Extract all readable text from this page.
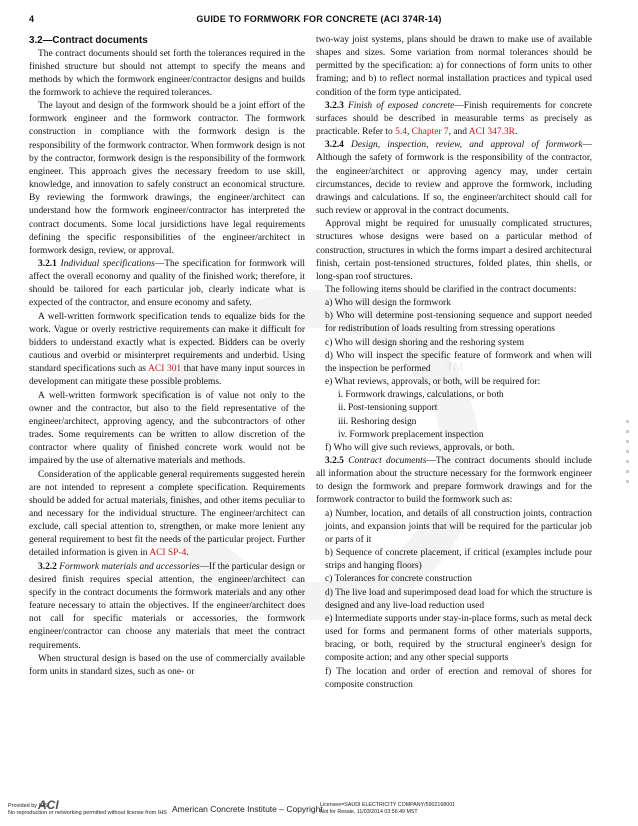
TM
4	GUIDE TO FORMWORK FOR CONCRETE (ACI 374R-14)
3.2—Contract documents

The contract documents should set forth the tolerances required in the finished structure but should not attempt to specify the means and methods by which the formwork engineer/contractor designs and builds the formwork to achieve the required tolerances.

The layout and design of the formwork should be a joint effort of the formwork engineer and the formwork contractor. The formwork construction in compliance with the formwork design is the responsibility of the formwork contractor. When formwork design is not by the contractor, formwork design is the responsibility of the formwork engineer. This approach gives the necessary freedom to use skill, knowledge, and innovation to safely construct an economical structure. By reviewing the formwork drawings, the engineer/architect can understand how the formwork engineer/contractor has interpreted the contract documents. Some local jursidictions have legal requirements defining the specific responsibilities of the engineer/architect in formwork design, review, or approval.

3.2.1 Individual specifications—The specification for formwork will affect the overall economy and quality of the finished work; therefore, it should be tailored for each particular job, clearly indicate what is expected of the contractor, and ensure economy and safety.

A well-written formwork specification tends to equalize bids for the work. Vague or overly restrictive requirements can make it difficult for bidders to understand exactly what is expected. Bidders can be overly cautious and overbid or misinterpret requirements and underbid. Using standard specifications such as ACI 301 that have many input sources in development can mitigate these possible problems.

A well-written formwork specification is of value not only to the owner and the contractor, but also to the field representative of the engineer/architect, approving agency, and the subcontractors of other trades. Some requirements can be written to allow discretion of the contractor where quality of finished concrete work would not be impaired by the use of alternative materials and methods.

Consideration of the applicable general requirements suggested herein are not intended to represent a complete specification. Requirements should be added for actual materials, finishes, and other items peculiar to and necessary for the individual structure. The engineer/architect can exclude, call special attention to, strengthen, or make more lenient any general requirement to best fit the needs of the particular project. Further detailed information is given in ACI SP-4.

3.2.2 Formwork materials and accessories—If the particular design or desired finish requires special attention, the engineer/architect can specify in the contract documents the formwork materials and any other feature necessary to attain the objectives. If the engineer/architect does not call for specific materials or accessories, the formwork engineer/contractor can choose any materials that meet the contract requirements.

When structural design is based on the use of commercially available form units in standard sizes, such as one- or

two-way joist systems, plans should be drawn to make use of available shapes and sizes. Some variation from normal tolerances should be permitted by the specification: a) for connections of form units to other framing; and b) to reflect normal installation practices and typical used condition of the form type anticipated.

3.2.3 Finish of exposed concrete—Finish requirements for concrete surfaces should be described in measurable terms as precisely as practicable. Refer to 5.4, Chapter 7, and ACI 347.3R.

3.2.4 Design, inspection, review, and approval of formwork—Although the safety of formwork is the responsibility of the contractor, the engineer/architect or approving agency may, under certain circumstances, decide to review and approve the formwork, including drawings and calculations. If so, the engineer/architect should call for such review or approval in the contract documents.

Approval might be required for unusually complicated structures, structures whose designs were based on a particular method of construction, structures in which the forms impart a desired architectural finish, certain post-tensioned structures, folded plates, thin shells, or long-span roof structures.

The following items should be clarified in the contract documents:

a) Who will design the formwork

b) Who will determine post-tensioning sequence and support needed for redistribution of loads resulting from stressing operations

c) Who will design shoring and the reshoring system

d) Who will inspect the specific feature of formwork and when will the inspection be performed

e) What reviews, approvals, or both, will be required for:

i. Formwork drawings, calculations, or both

ii. Post-tensioning support

iii. Reshoring design

iv. Formwork preplacement inspection

f) Who will give such reviews, approvals, or both.

3.2.5 Contract documents—The contract documents should include all information about the structure necessary for the formwork engineer to design the formwork and prepare formwork drawings and for the formwork contractor to build the formwork such as:

a) Number, location, and details of all construction joints, contraction joints, and expansion joints that will be required for the particular job or parts of it

b) Sequence of concrete placement, if critical (examples include pour strips and hanging floors)

c) Tolerances for concrete construction

d) The live load and superimposed dead load for which the structure is designed and any live-load reduction used

e) Intermediate supports under stay-in-place forms, such as metal deck used for forms and permanent forms of other materials supports, bracing, or both, required by the structural engineer's design for composite action; and any other special supports

f) The location and order of erection and removal of shores for composite construction

Provided by IHS
No reproduction or networking permitted without license from IHS
ACI	American Concrete Institute – Copyright
Licensee=SAUDI ELECTRICITY COMPANY/5902168001
Not for Resale, 11/03/2014 03:56:49 MST
